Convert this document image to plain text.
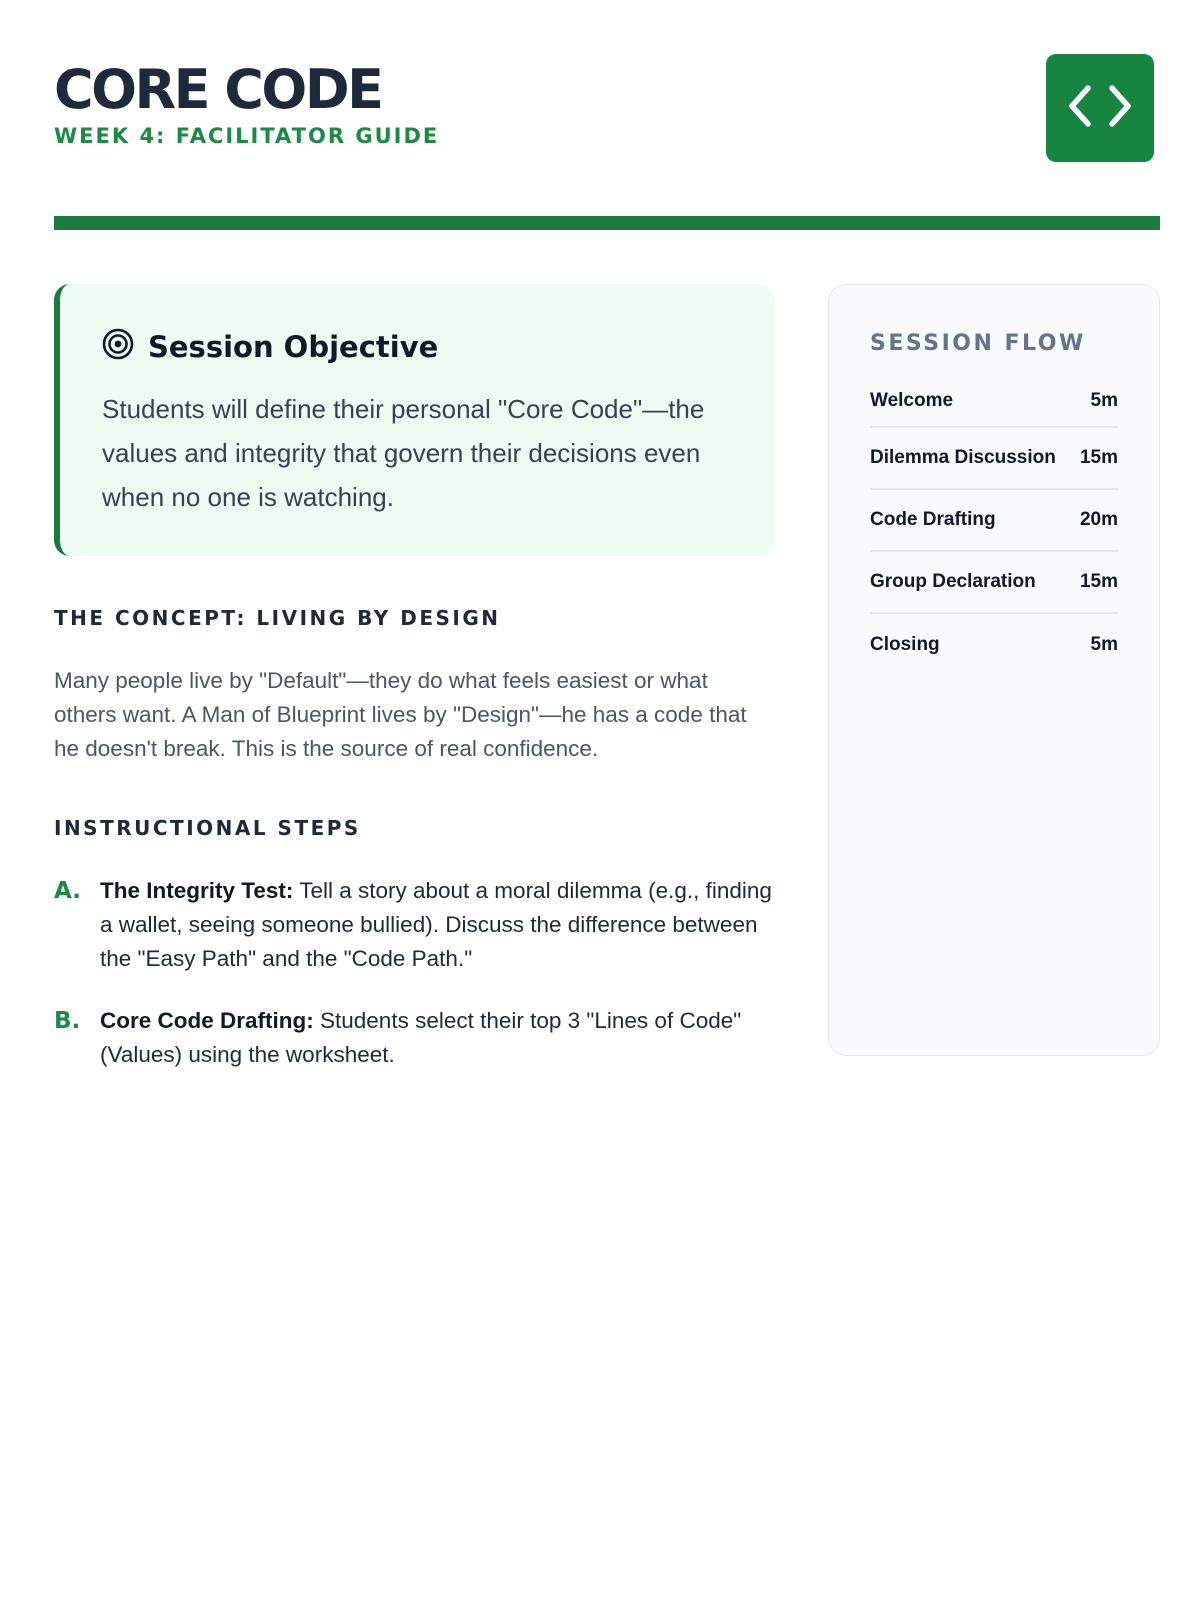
CORE CODE
WEEK 4: FACILITATOR GUIDE
Session Objective

Students will define their personal "Core Code"—the values and integrity that govern their decisions even when no one is watching.

THE CONCEPT: LIVING BY DESIGN

Many people live by "Default"—they do what feels easiest or what others want. A Man of Blueprint lives by "Design"—he has a code that he doesn't break. This is the source of real confidence.

INSTRUCTIONAL STEPS
A. The Integrity Test: Tell a story about a moral dilemma (e.g., finding a wallet, seeing someone bullied). Discuss the difference between the "Easy Path" and the "Code Path."

B. Core Code Drafting: Students select their top 3 "Lines of Code" (Values) using the worksheet.

SESSION FLOW
Welcome	5m
Dilemma Discussion 15m
Code Drafting	20m
Group Declaration 15m
Closing	5m
